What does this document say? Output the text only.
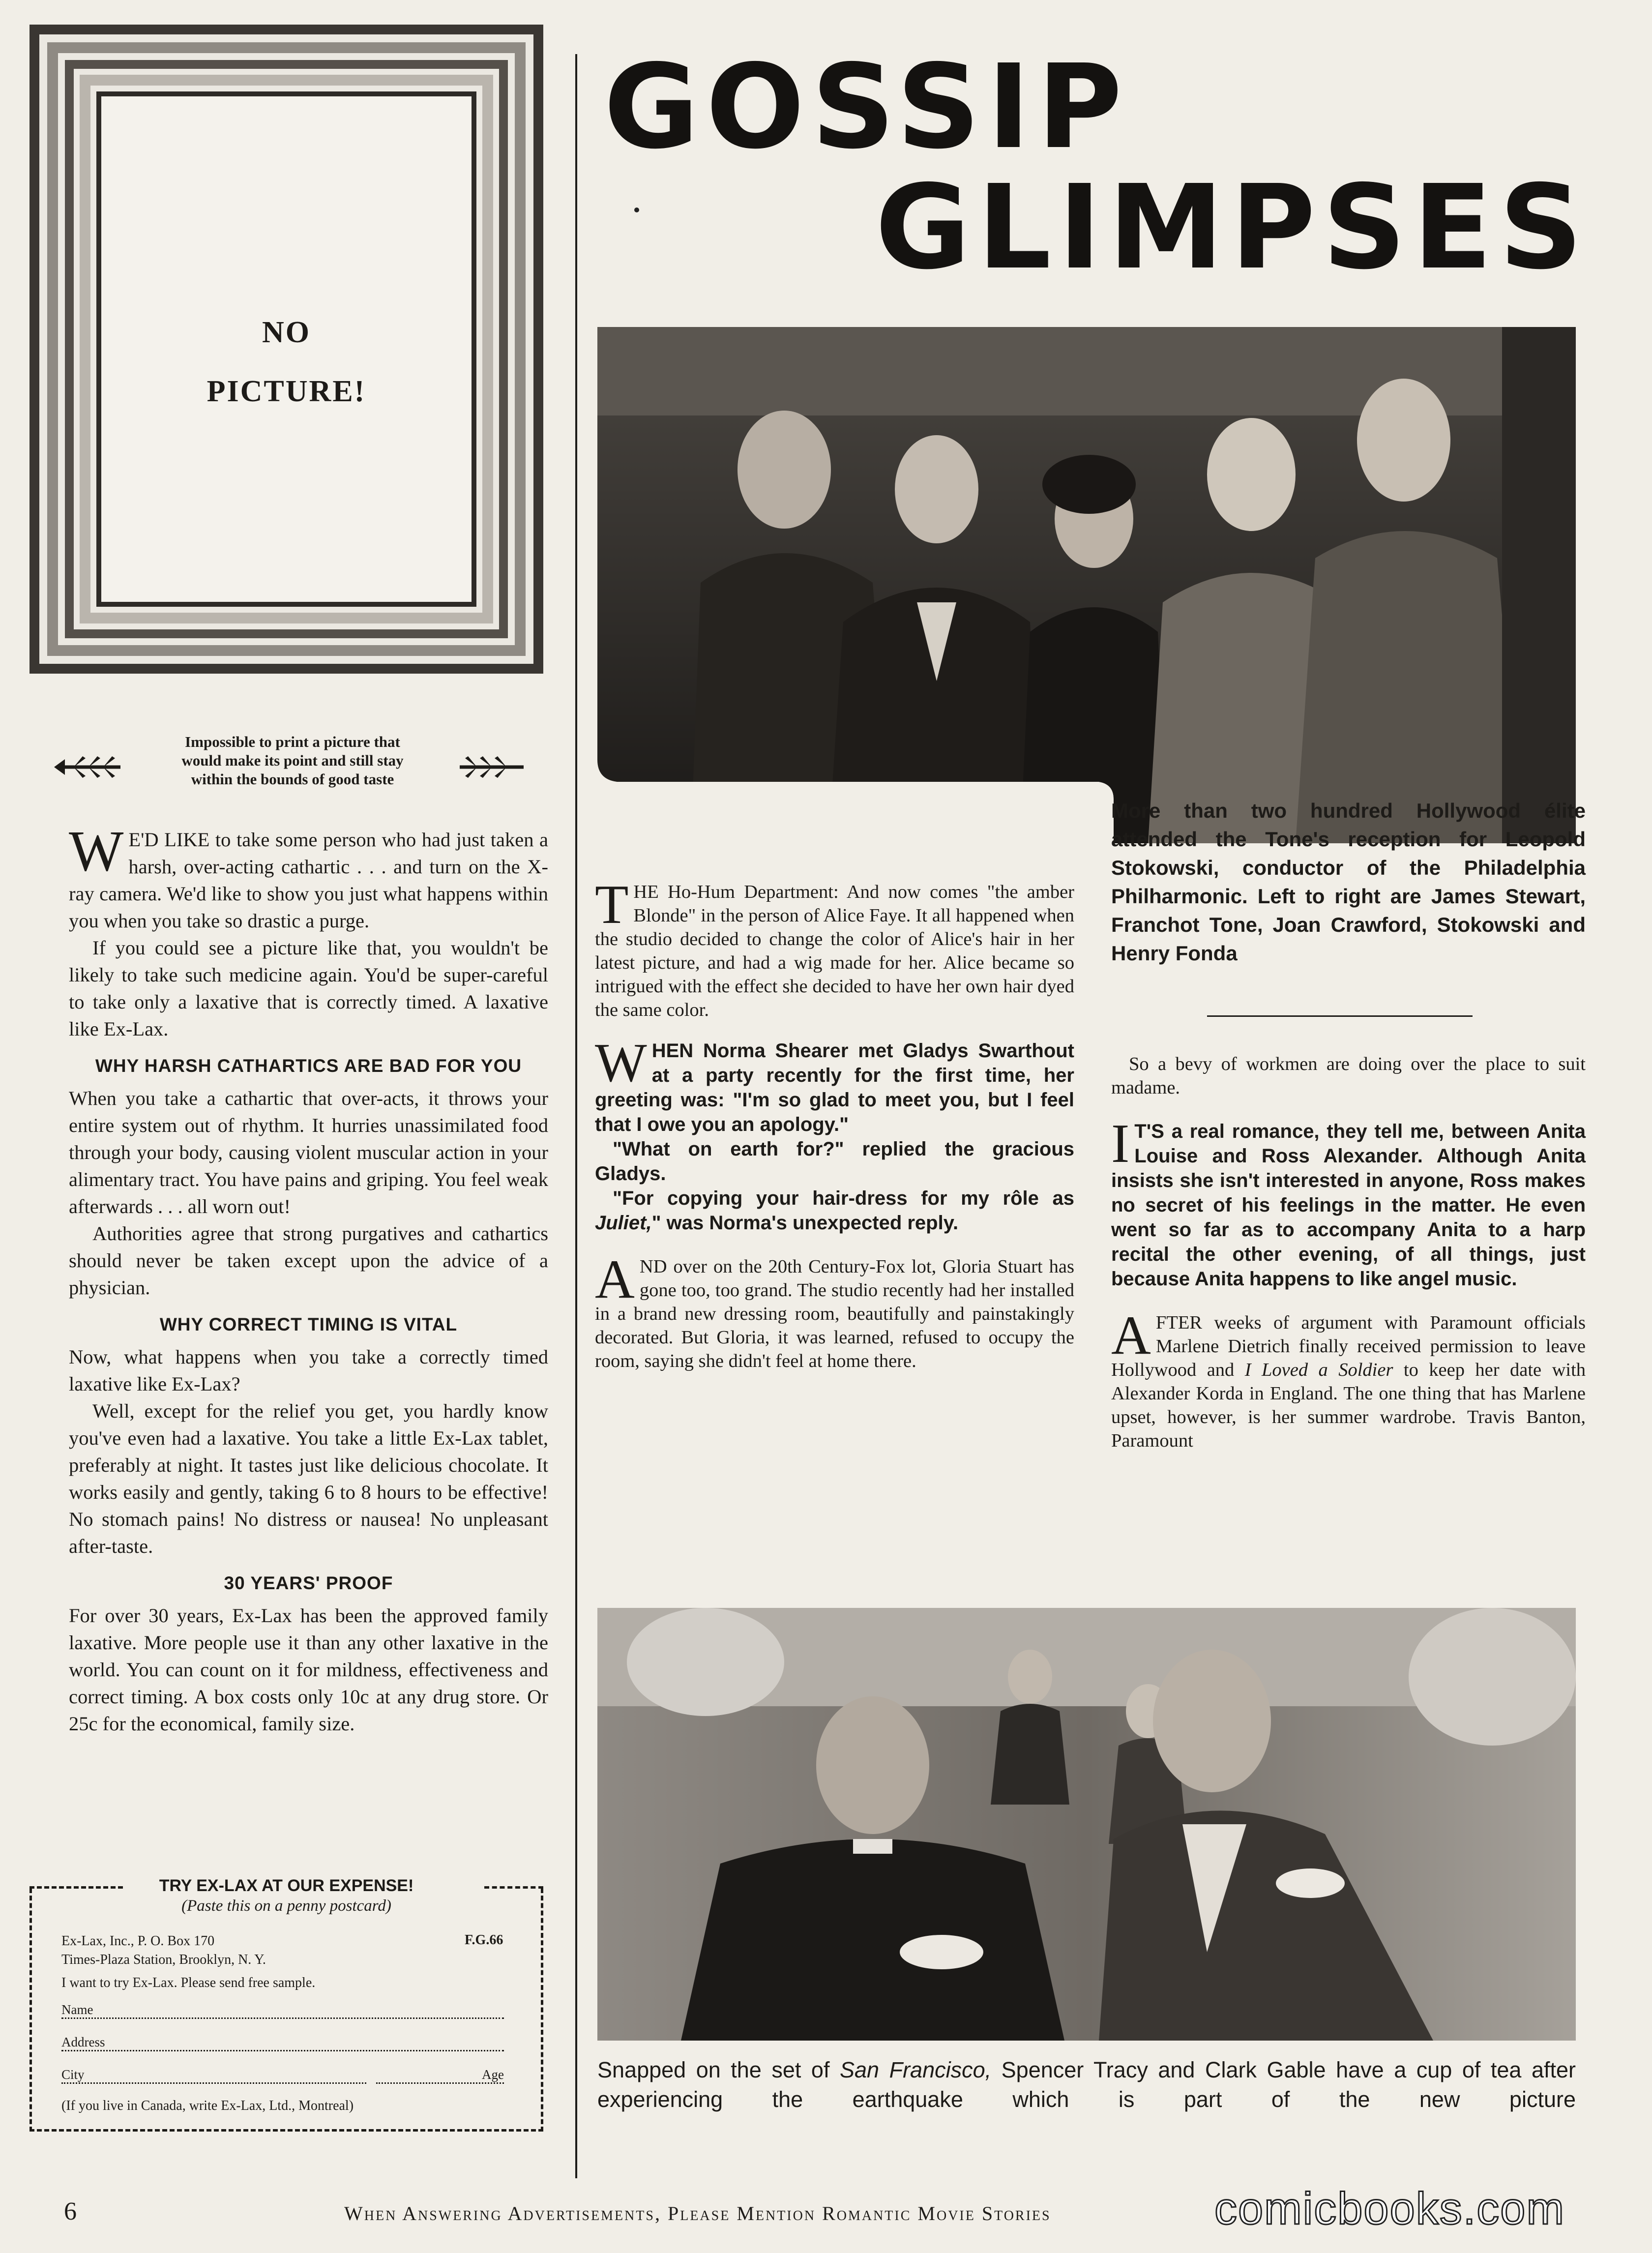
NO
PICTURE!
Impossible to print a picture that
would make its point and still stay
within the bounds of good taste

W E'D LIKE to take some person who had just taken a harsh, over-acting cathartic . . . and turn on the X-ray camera. We'd like to show you just what happens within you when you take so drastic a purge.

If you could see a picture like that, you wouldn't be likely to take such medicine again. You'd be super-careful to take only a laxative that is correctly timed. A laxative like Ex-Lax.

WHY HARSH CATHARTICS ARE BAD FOR YOU

When you take a cathartic that over-acts, it throws your entire system out of rhythm. It hurries unassimilated food through your body, causing violent muscular action in your alimentary tract. You have pains and griping. You feel weak afterwards . . . all worn out!

Authorities agree that strong purgatives and cathartics should never be taken except upon the advice of a physician.

WHY CORRECT TIMING IS VITAL

Now, what happens when you take a correctly timed laxative like Ex-Lax?

Well, except for the relief you get, you hardly know you've even had a laxative. You take a little Ex-Lax tablet, preferably at night. It tastes just like delicious chocolate. It works easily and gently, taking 6 to 8 hours to be effective! No stomach pains! No distress or nausea! No unpleasant after-taste.

30 YEARS' PROOF

For over 30 years, Ex-Lax has been the approved family laxative. More people use it than any other laxative in the world. You can count on it for mildness, effectiveness and correct timing. A box costs only 10c at any drug store. Or 25c for the economical, family size.

TRY EX-LAX AT OUR EXPENSE!
(Paste this on a penny postcard)
Ex-Lax, Inc., P. O. Box 170	F.G.66
Times-Plaza Station, Brooklyn, N. Y.
I want to try Ex-Lax. Please send free sample.
Name
Address
City	Age
(If you live in Canada, write Ex-Lax, Ltd., Montreal)
GOSSIP
GLIMPSES
More than two hundred Hollywood élite attended the Tone's reception for Leopold Stokowski, conductor of the Philadelphia Philharmonic. Left to right are James Stewart, Franchot Tone, Joan Crawford, Stokowski and Henry Fonda

THE Ho-Hum Department: And now comes "the amber Blonde" in the person of Alice Faye. It all happened when the studio decided to change the color of Alice's hair in her latest picture, and had a wig made for her. Alice became so intrigued with the effect she decided to have her own hair dyed the same color.

WHEN Norma Shearer met Gladys Swarthout at a party recently for the first time, her greeting was: "I'm so glad to meet you, but I feel that I owe you an apology."

"What on earth for?" replied the gracious Gladys.

"For copying your hair-dress for my rôle as Juliet," was Norma's unexpected reply.

AND over on the 20th Century-Fox lot, Gloria Stuart has gone too, too grand. The studio recently had her installed in a brand new dressing room, beautifully and painstakingly decorated. But Gloria, it was learned, refused to occupy the room, saying she didn't feel at home there.

So a bevy of workmen are doing over the place to suit madame.

I T'S a real romance, they tell me, between Anita Louise and Ross Alexander. Although Anita insists she isn't interested in anyone, Ross makes no secret of his feelings in the matter. He even went so far as to accompany Anita to a harp recital the other evening, of all things, just because Anita happens to like angel music.

AFTER weeks of argument with Paramount officials Marlene Dietrich finally received permission to leave Hollywood and I Loved a Soldier to keep her date with Alexander Korda in England. The one thing that has Marlene upset, however, is her summer wardrobe. Travis Banton, Paramount

Snapped on the set of San Francisco, Spencer Tracy and Clark Gable have a cup of tea after experiencing the earthquake which is part of the new picture
6	When Answering Advertisements, Please Mention Romantic Movie Stories	comicbooks.com
